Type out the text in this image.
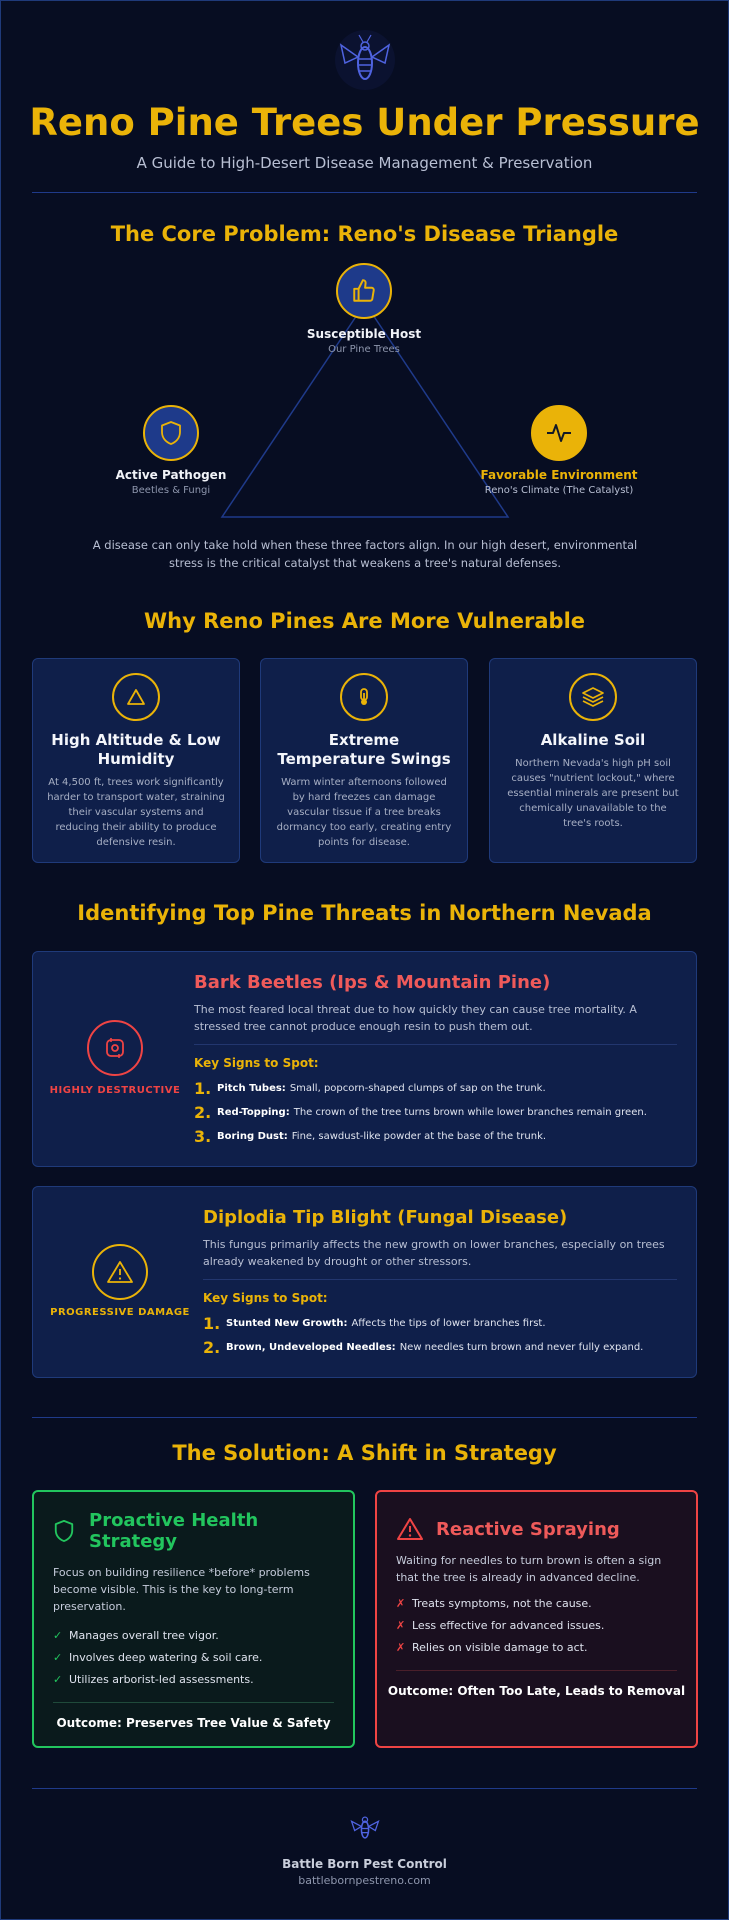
Reno Pine Trees Under Pressure
A Guide to High-Desert Disease Management & Preservation
The Core Problem: Reno's Disease Triangle
Susceptible Host
Our Pine Trees
Active Pathogen
Beetles & Fungi
Favorable Environment
Reno's Climate (The Catalyst)
A disease can only take hold when these three factors align. In our high desert, environmental stress is the critical catalyst that weakens a tree's natural defenses.
Why Reno Pines Are More Vulnerable
High Altitude & Low Humidity

At 4,500 ft, trees work significantly harder to transport water, straining their vascular systems and reducing their ability to produce defensive resin.

Extreme Temperature Swings

Warm winter afternoons followed by hard freezes can damage vascular tissue if a tree breaks dormancy too early, creating entry points for disease.

Alkaline Soil

Northern Nevada's high pH soil causes "nutrient lockout," where essential minerals are present but chemically unavailable to the tree's roots.

Identifying Top Pine Threats in Northern Nevada
HIGHLY DESTRUCTIVE
Bark Beetles (Ips & Mountain Pine)
The most feared local threat due to how quickly they can cause tree mortality. A stressed tree cannot produce enough resin to push them out.
Key Signs to Spot:
1. Pitch Tubes: Small, popcorn-shaped clumps of sap on the trunk.
2. Red-Topping: The crown of the tree turns brown while lower branches remain green.
3. Boring Dust: Fine, sawdust-like powder at the base of the trunk.
PROGRESSIVE DAMAGE
Diplodia Tip Blight (Fungal Disease)
This fungus primarily affects the new growth on lower branches, especially on trees already weakened by drought or other stressors.
Key Signs to Spot:
1. Stunted New Growth: Affects the tips of lower branches first.
2. Brown, Undeveloped Needles: New needles turn brown and never fully expand.
The Solution: A Shift in Strategy
Proactive Health Strategy
Focus on building resilience *before* problems become visible. This is the key to long-term preservation.
✓ Manages overall tree vigor.
✓ Involves deep watering & soil care.
✓ Utilizes arborist-led assessments.
Outcome: Preserves Tree Value & Safety
Reactive Spraying
Waiting for needles to turn brown is often a sign that the tree is already in advanced decline.
✗ Treats symptoms, not the cause.
✗ Less effective for advanced issues.
✗ Relies on visible damage to act.
Outcome: Often Too Late, Leads to Removal
Battle Born Pest Control
battlebornpestreno.com
